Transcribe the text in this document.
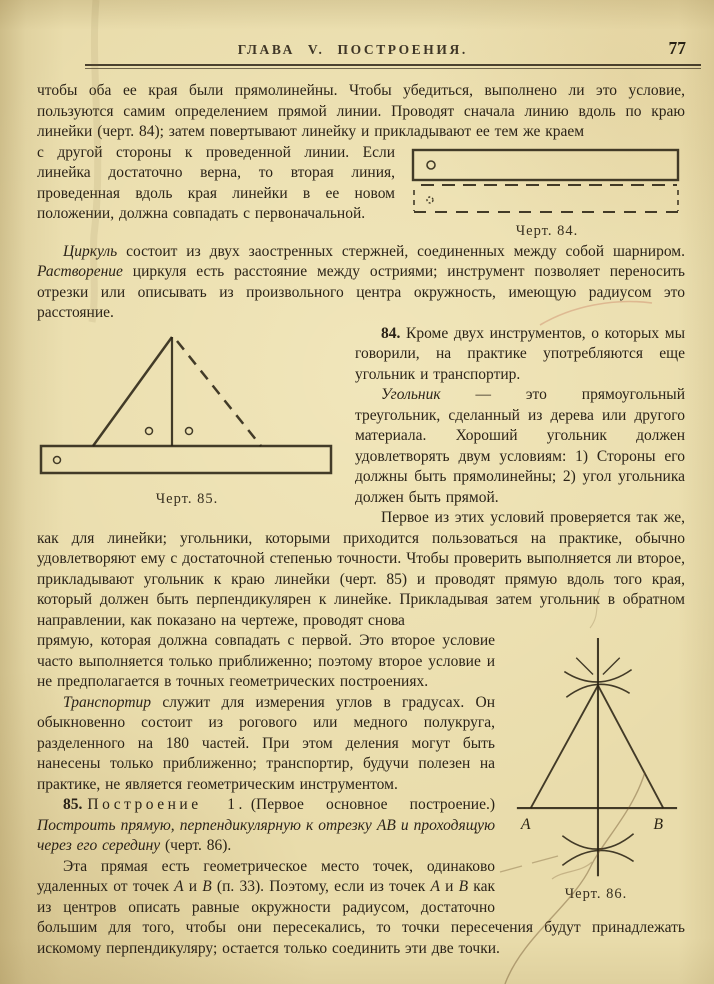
ГЛАВА V. ПОСТРОЕНИЯ.	77

чтобы оба ее края были прямолинейны. Чтобы убедиться, выполнено ли это условие, пользуются самим определением прямой линии. Проводят сначала линию вдоль по краю линейки (черт. 84); затем повертывают линейку и прикладывают ее тем же краем

Черт. 84.

с другой стороны к проведенной линии. Если линейка достаточно верна, то вторая линия, проведенная вдоль края линейки в ее новом положении, должна совпадать с первоначальной.

Циркуль состоит из двух заостренных стержней, соединенных между собой шарниром. Растворение циркуля есть расстояние между остриями; инструмент позволяет переносить отрезки или описывать из произвольного центра окружность, имеющую радиусом это расстояние.

Черт. 85.

84. Кроме двух инструментов, о которых мы говорили, на практике употребляются еще угольник и транспортир.

Угольник — это прямоугольный треугольник, сделанный из дерева или другого материала. Хороший угольник должен удовлетворять двум условиям: 1) Стороны его должны быть прямолинейны; 2) угол угольника должен быть прямой.

Первое из этих условий проверяется так же, как для линейки; угольники, которыми приходится пользоваться на практике, обычно удовлетворяют ему с достаточной степенью точности. Чтобы проверить выполняется ли второе, прикладывают угольник к краю линейки (черт. 85) и проводят прямую вдоль того края, который должен быть перпендикулярен к линейке. Прикладывая затем угольник в обратном направлении, как показано на чертеже, проводят снова

А	В
Черт. 86.

прямую, которая должна совпадать с первой. Это второе условие часто выполняется только приближенно; поэтому второе условие и не предполагается в точных геометрических построениях.

Транспортир служит для измерения углов в градусах. Он обыкновенно состоит из рогового или медного полукруга, разделенного на 180 частей. При этом деления могут быть нанесены только приближенно; транспортир, будучи полезен на практике, не является геометрическим инструментом.

85. Построение 1. (Первое основное построение.) Построить прямую, перпендикулярную к отрезку АВ и проходящую через его середину (черт. 86).

Эта прямая есть геометрическое место точек, одинаково удаленных от точек А и В (п. 33). Поэтому, если из точек А и В как из центров описать равные окружности радиусом, достаточно большим для того, чтобы они пересекались, то точки пересечения будут принадлежать искомому перпендикуляру; остается только соединить эти две точки.
